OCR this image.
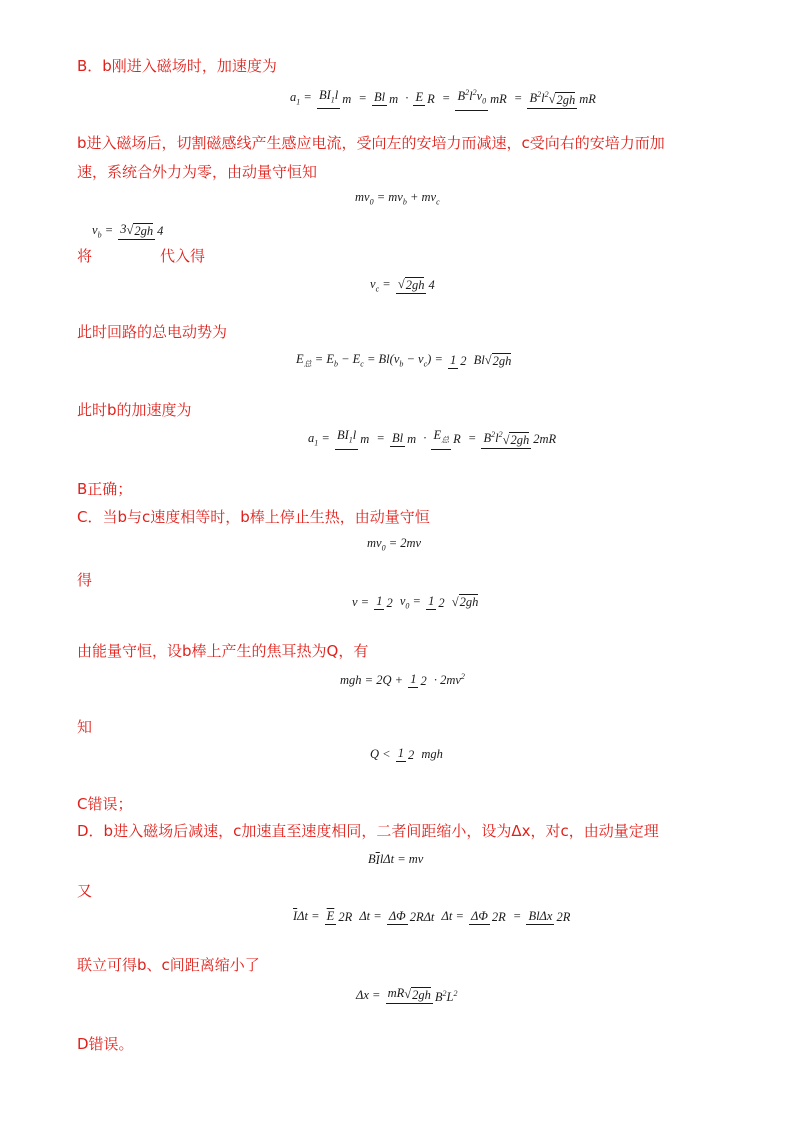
B．b刚进入磁场时，加速度为
$a_1 = BI_1l$ m = Bl m · E $R = B^2l^2v_0$ mR = $B^2l^2$ √ 2gh mR
b进入磁场后，切割磁感线产生感应电流，受向左的安培力而减速，c受向右的安培力而加
速，系统合外力为零，由动量守恒知
$mv_0 = mv_b + mv_c$
将
$v_b = 3$ √ 2gh 4
代入得
$v_c$ = √ 2gh 4
此时回路的总电动势为
$E_总 = E_b - E_c = Bl(v_b - v_c) = 1$ 2 Bl √ 2gh
此时b的加速度为
$a_1 = BI_1l$ m = Bl $m \cdot E_总$ $R = B^2l^2$ √ 2gh 2mR
B正确；
C．当b与c速度相等时，b棒上停止生热，由动量守恒
$mv_0 = 2mv$
得
v = 1 2 $v_0 = 1$ 2 √ 2gh
由能量守恒，设b棒上产生的焦耳热为Q，有
mgh = 2Q + 1 $2 \cdot 2mv^2$
知
Q < 1 2 mgh
C错误；
D．b进入磁场后减速，c加速直至速度相同，二者间距缩小，设为Δx，对c，由动量定理
$B\overline{I}l\Delta t$ = mv
又
$\overline{I}\Delta t = \overline{E}$ 2R Δt = ΔΦ 2RΔt Δt = ΔΦ 2R = BlΔx 2R
联立可得b、c间距离缩小了
Δx = mR √ 2gh $B^2L^2$
D错误。
